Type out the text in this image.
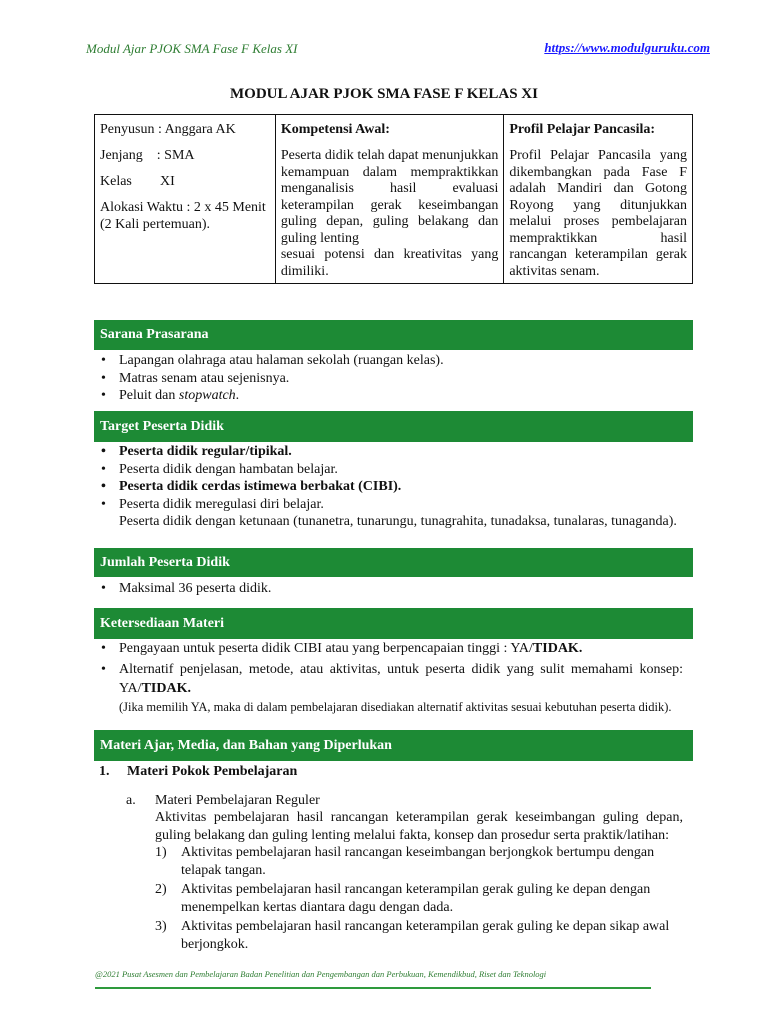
Modul Ajar PJOK SMA Fase F Kelas XI	https://www.modulguruku.com
MODUL AJAR PJOK SMA FASE F KELAS XI
Penyusun : Anggara AK
Jenjang    : SMA
Kelas XI
Alokasi Waktu : 2 x 45 Menit (2 Kali pertemuan).

Kompetensi Awal:
Peserta didik telah dapat menunjukkan kemampuan dalam mempraktikkan menganalisis hasil evaluasi keterampilan gerak keseimbangan guling depan, guling belakang dan guling lenting
sesuai potensi dan kreativitas yang dimiliki.

Profil Pelajar Pancasila:
Profil Pelajar Pancasila yang dikembangkan pada Fase F adalah Mandiri dan Gotong Royong yang ditunjukkan melalui proses pembelajaran mempraktikkan hasil rancangan keterampilan gerak aktivitas senam.
Sarana Prasarana
• Lapangan olahraga atau halaman sekolah (ruangan kelas).
• Matras senam atau sejenisnya.
• Peluit dan stopwatch.
Target Peserta Didik
• Peserta didik regular/tipikal.
• Peserta didik dengan hambatan belajar.
• Peserta didik cerdas istimewa berbakat (CIBI).
• Peserta didik meregulasi diri belajar.
Peserta didik dengan ketunaan (tunanetra, tunarungu, tunagrahita, tunadaksa, tunalaras, tunaganda).
Jumlah Peserta Didik
• Maksimal 36 peserta didik.
Ketersediaan Materi
• Pengayaan untuk peserta didik CIBI atau yang berpencapaian tinggi : YA/TIDAK.
• Alternatif penjelasan, metode, atau aktivitas, untuk peserta didik yang sulit memahami konsep: YA/TIDAK.
(Jika memilih YA, maka di dalam pembelajaran disediakan alternatif aktivitas sesuai kebutuhan peserta didik).
Materi Ajar, Media, dan Bahan yang Diperlukan
1. Materi Pokok Pembelajaran
a. Materi Pembelajaran Reguler
Aktivitas pembelajaran hasil rancangan keterampilan gerak keseimbangan guling depan, guling belakang dan guling lenting melalui fakta, konsep dan prosedur serta praktik/latihan:
1) Aktivitas pembelajaran hasil rancangan keseimbangan berjongkok bertumpu dengan telapak tangan.
2) Aktivitas pembelajaran hasil rancangan keterampilan gerak guling ke depan dengan menempelkan kertas diantara dagu dengan dada.
3) Aktivitas pembelajaran hasil rancangan keterampilan gerak guling ke depan sikap awal berjongkok.
@2021 Pusat Asesmen dan Pembelajaran Badan Penelitian dan Pengembangan dan Perbukuan, Kemendikbud, Riset dan Teknologi
